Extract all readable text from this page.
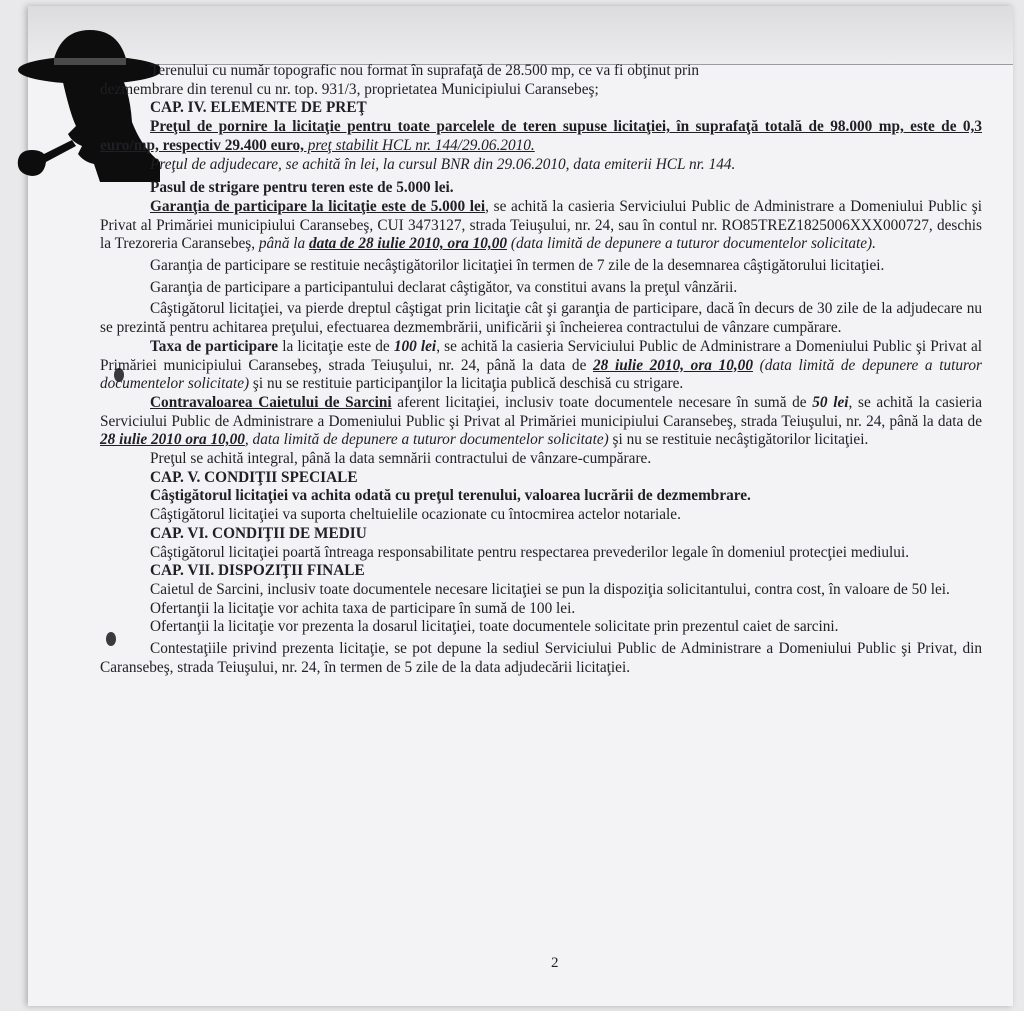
Terenului cu număr topografic nou format în suprafaţă de 28.500 mp, ce va fi obţinut prin
dezmembrare din terenul cu nr. top. 931/3, proprietatea Municipiului Caransebeş;

CAP. IV. ELEMENTE DE PREŢ

Preţul de pornire la licitaţie pentru toate parcelele de teren supuse licitaţiei, în suprafaţă totală de 98.000 mp, este de 0,3 euro/mp, respectiv 29.400 euro, preţ stabilit HCL nr. 144/29.06.2010.

Preţul de adjudecare, se achită în lei, la cursul BNR din 29.06.2010, data emiterii HCL nr. 144.

Pasul de strigare pentru teren este de 5.000 lei.

Garanţia de participare la licitaţie este de 5.000 lei, se achită la casieria Serviciului Public de Administrare a Domeniului Public şi Privat al Primăriei municipiului Caransebeş, CUI 3473127, strada Teiuşului, nr. 24, sau în contul nr. RO85TREZ1825006XXX000727, deschis la Trezoreria Caransebeş, până la data de 28 iulie 2010, ora 10,00 (data limită de depunere a tuturor documentelor solicitate).

Garanţia de participare se restituie necâştigătorilor licitaţiei în termen de 7 zile de la desemnarea câştigătorului licitaţiei.

Garanţia de participare a participantului declarat câştigător, va constitui avans la preţul vânzării.

Câştigătorul licitaţiei, va pierde dreptul câştigat prin licitaţie cât şi garanţia de participare, dacă în decurs de 30 zile de la adjudecare nu se prezintă pentru achitarea preţului, efectuarea dezmembrării, unificării şi încheierea contractului de vânzare cumpărare.

Taxa de participare la licitaţie este de 100 lei, se achită la casieria Serviciului Public de Administrare a Domeniului Public şi Privat al Primăriei municipiului Caransebeş, strada Teiuşului, nr. 24, până la data de 28 iulie 2010, ora 10,00 (data limită de depunere a tuturor documentelor solicitate) şi nu se restituie participanţilor la licitaţia publică deschisă cu strigare.

Contravaloarea Caietului de Sarcini aferent licitaţiei, inclusiv toate documentele necesare în sumă de 50 lei, se achită la casieria Serviciului Public de Administrare a Domeniului Public şi Privat al Primăriei municipiului Caransebeş, strada Teiuşului, nr. 24, până la data de 28 iulie 2010 ora 10,00, data limită de depunere a tuturor documentelor solicitate) şi nu se restituie necâştigătorilor licitaţiei.

Preţul se achită integral, până la data semnării contractului de vânzare-cumpărare.

CAP. V. CONDIŢII SPECIALE

Câştigătorul licitaţiei va achita odată cu preţul terenului, valoarea lucrării de dezmembrare.

Câştigătorul licitaţiei va suporta cheltuielile ocazionate cu întocmirea actelor notariale.

CAP. VI. CONDIŢII DE MEDIU

Câştigătorul licitaţiei poartă întreaga responsabilitate pentru respectarea prevederilor legale în domeniul protecţiei mediului.

CAP. VII. DISPOZIŢII FINALE

Caietul de Sarcini, inclusiv toate documentele necesare licitaţiei se pun la dispoziţia solicitantului, contra cost, în valoare de 50 lei.

Ofertanţii la licitaţie vor achita taxa de participare în sumă de 100 lei.

Ofertanţii la licitaţie vor prezenta la dosarul licitaţiei, toate documentele solicitate prin prezentul caiet de sarcini.

Contestaţiile privind prezenta licitaţie, se pot depune la sediul Serviciului Public de Administrare a Domeniului Public şi Privat, din Caransebeş, strada Teiuşului, nr. 24, în termen de 5 zile de la data adjudecării licitaţiei.

2
